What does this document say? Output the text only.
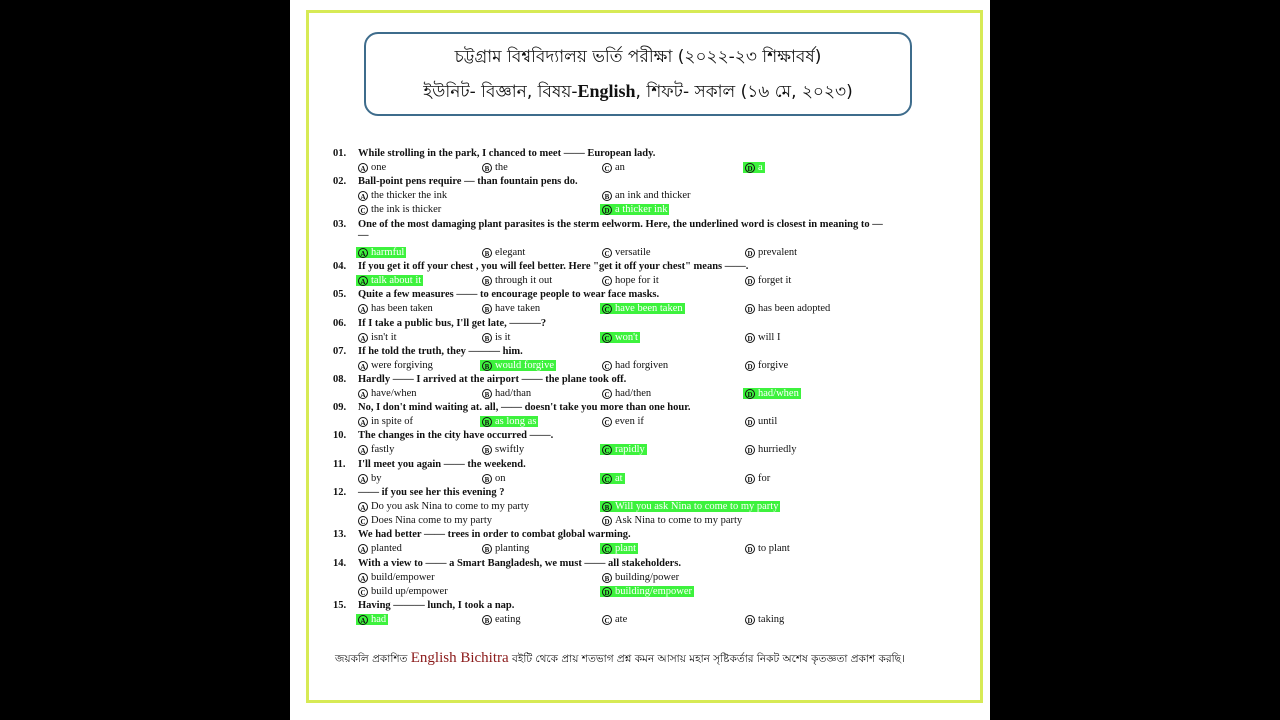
চট্টগ্রাম বিশ্ববিদ্যালয় ভর্তি পরীক্ষা (২০২২-২৩ শিক্ষাবর্ষ)
ইউনিট- বিজ্ঞান, বিষয়-English, শিফট- সকাল (১৬ মে, ২০২৩)
01. While strolling in the park, I chanced to meet —— European lady.
A one	B the	C an	D a
02. Ball-point pens require — than fountain pens do.
A the thicker the ink	B an ink and thicker
C the ink is thicker	D a thicker ink
03. One of the most damaging plant parasites is the sterm eelworm. Here, the underlined word is closest in meaning to —
—
A harmful	B elegant	C versatile	D prevalent
04. If you get it off your chest , you will feel better. Here "get it off your chest" means ——.
A talk about it	B through it out	C hope for it	D forget it
05. Quite a few measures —— to encourage people to wear face masks.
A has been taken	B have taken	C have been taken	D has been adopted
06. If I take a public bus, I'll get late, ———?
A isn't it	B is it	C won't	D will I
07. If he told the truth, they ——— him.
A were forgiving	B would forgive	C had forgiven	D forgive
08. Hardly —— I arrived at the airport —— the plane took off.
A have/when	B had/than	C had/then	D had/when
09. No, I don't mind waiting at. all, —— doesn't take you more than one hour.
A in spite of	B as long as	C even if	D until
10. The changes in the city have occurred ——.
A fastly	B swiftly	C rapidly	D hurriedly
11. I'll meet you again —— the weekend.
A by	B on	C at	D for
12. —— if you see her this evening ?
A Do you ask Nina to come to my party	B Will you ask Nina to come to my party
C Does Nina come to my party	D Ask Nina to come to my party
13. We had better —— trees in order to combat global warming.
A planted	B planting	C plant	D to plant
14. With a view to —— a Smart Bangladesh, we must —— all stakeholders.
A build/empower	B building/power
C build up/empower	D building/empower
15. Having ——— lunch, I took a nap.
A had	B eating	C ate	D taking
জয়কলি প্রকাশিত English Bichitra বইটি থেকে প্রায় শতভাগ প্রশ্ন কমন আসায় মহান সৃষ্টিকর্তার নিকট অশেষ কৃতজ্ঞতা প্রকাশ করছি।
